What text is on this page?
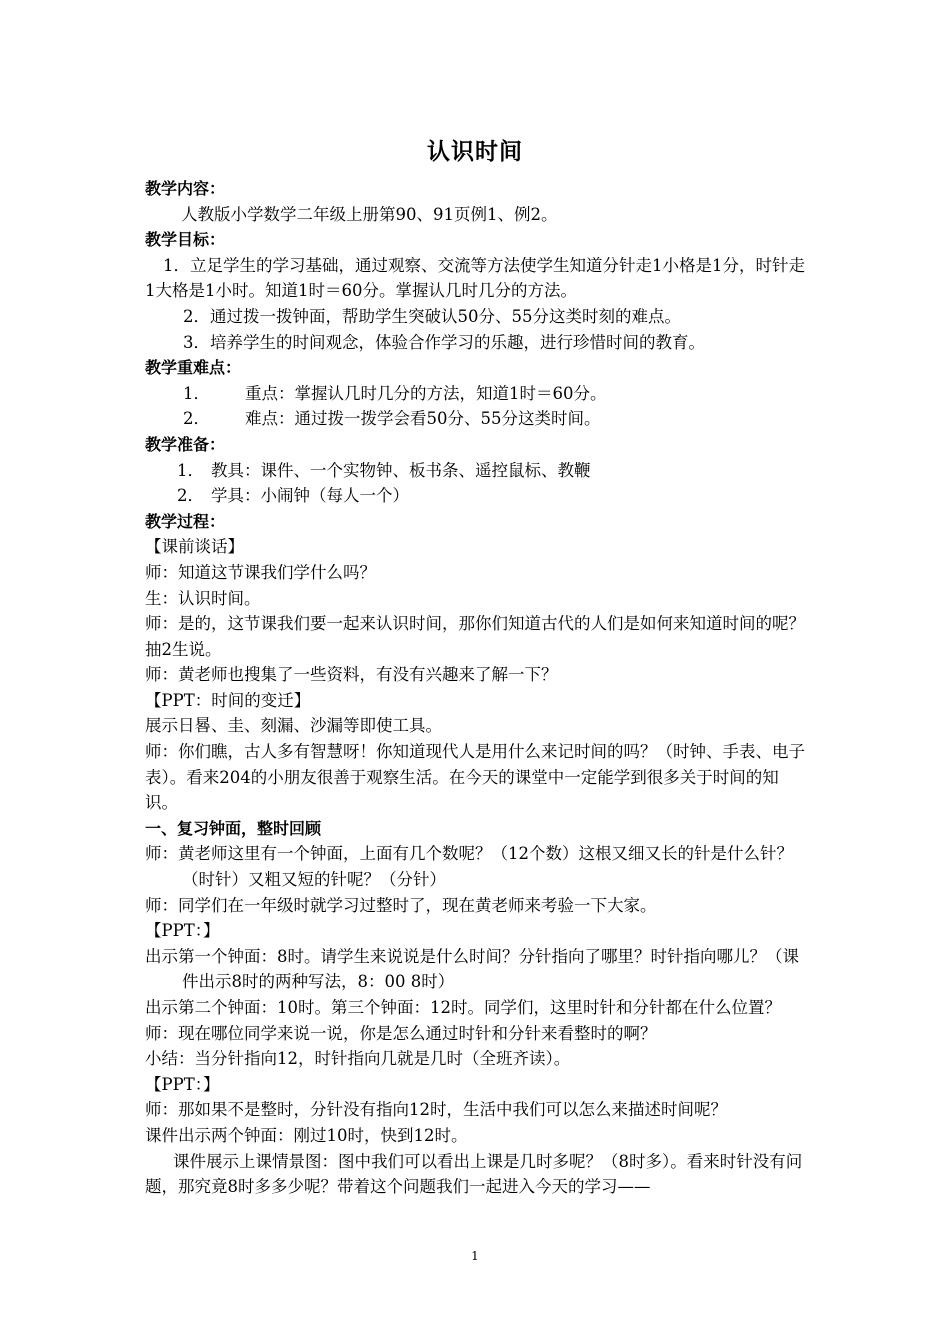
认识时间

教学内容：

人教版小学数学二年级上册第90、91页例1、例2。

教学目标：

1．立足学生的学习基础，通过观察、交流等方法使学生知道分针走1小格是1分，时针走1大格是1小时。知道1时＝60分。掌握认几时几分的方法。

2．通过拨一拨钟面，帮助学生突破认50分、55分这类时刻的难点。

3．培养学生的时间观念，体验合作学习的乐趣，进行珍惜时间的教育。

教学重难点：

1． 重点：掌握认几时几分的方法，知道1时＝60分。

2． 难点：通过拨一拨学会看50分、55分这类时间。

教学准备：

1． 教具：课件、一个实物钟、板书条、遥控鼠标、教鞭

2． 学具：小闹钟（每人一个）

教学过程：

【课前谈话】

师：知道这节课我们学什么吗？

生：认识时间。

师：是的，这节课我们要一起来认识时间，那你们知道古代的人们是如何来知道时间的呢？

抽2生说。

师：黄老师也搜集了一些资料，有没有兴趣来了解一下？

【PPT：时间的变迁】

展示日晷、圭、刻漏、沙漏等即使工具。

师：你们瞧，古人多有智慧呀！你知道现代人是用什么来记时间的吗？（时钟、手表、电子表）。看来204的小朋友很善于观察生活。在今天的课堂中一定能学到很多关于时间的知识。

一、复习钟面，整时回顾

师：黄老师这里有一个钟面，上面有几个数呢？（12个数）这根又细又长的针是什么针？（时针）又粗又短的针呢？（分针）

师：同学们在一年级时就学习过整时了，现在黄老师来考验一下大家。

【PPT：】

出示第一个钟面：8时。请学生来说说是什么时间？分针指向了哪里？时针指向哪儿？（课件出示8时的两种写法，8：00 8时）

出示第二个钟面：10时。第三个钟面：12时。同学们，这里时针和分针都在什么位置？

师：现在哪位同学来说一说，你是怎么通过时针和分针来看整时的啊？

小结：当分针指向12，时针指向几就是几时（全班齐读）。

【PPT：】

师：那如果不是整时，分针没有指向12时，生活中我们可以怎么来描述时间呢？

课件出示两个钟面：刚过10时，快到12时。

课件展示上课情景图：图中我们可以看出上课是几时多呢？（8时多）。看来时针没有问题，那究竟8时多多少呢？带着这个问题我们一起进入今天的学习——

1
